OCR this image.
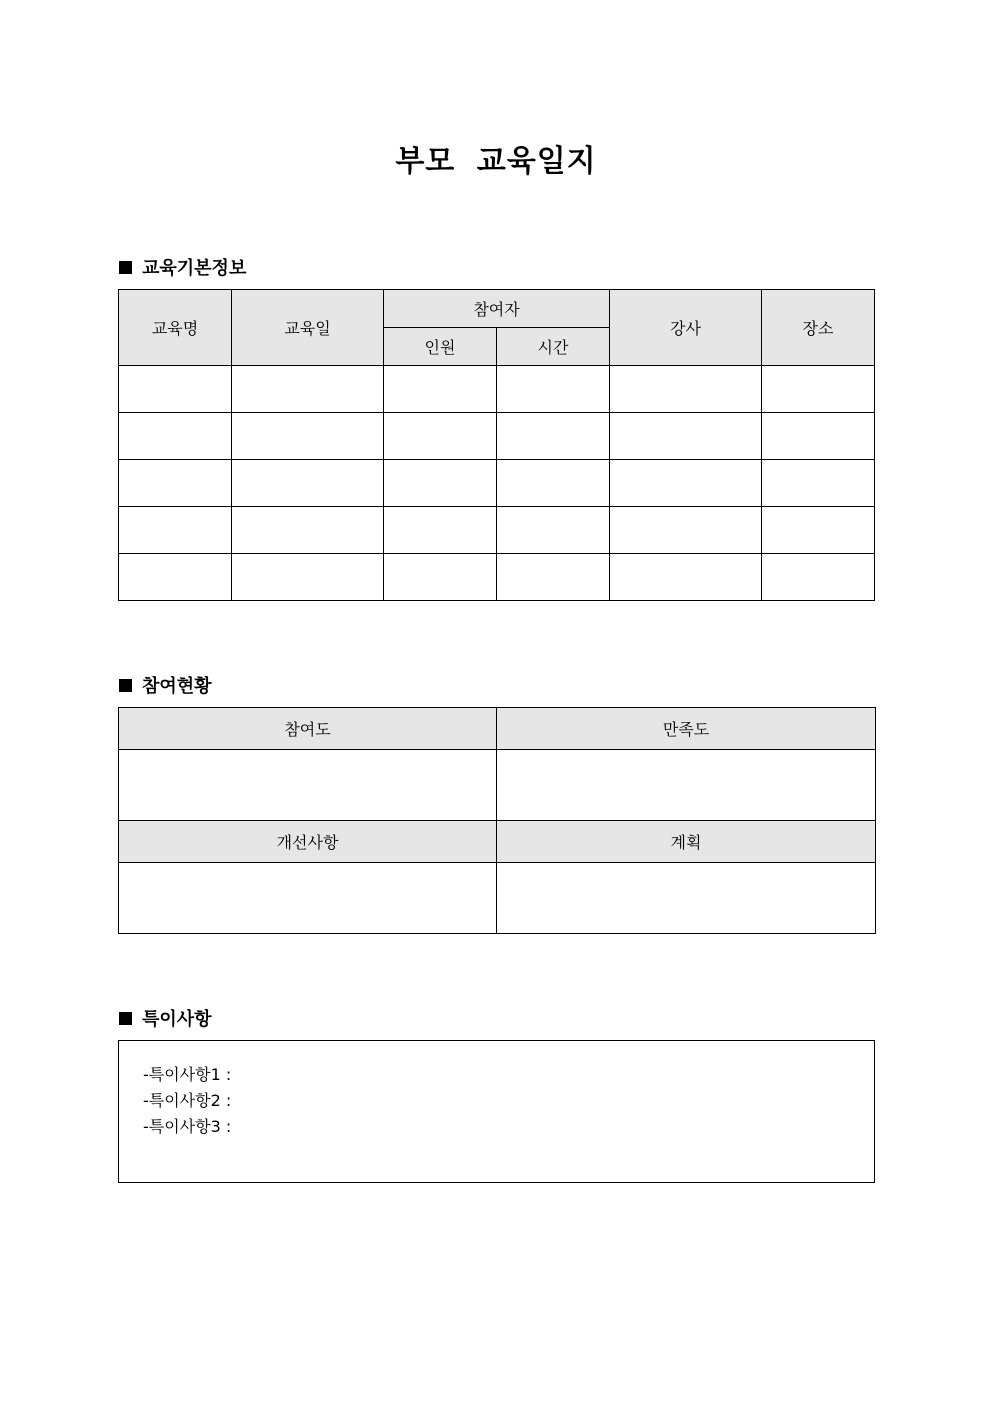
부모 교육일지
교육기본정보
교육명	교육일	참여자		강사	장소
		인원	시간		

참여현황
참여도	만족도

개선사항	계획

특이사항
-특이사항1 :
-특이사항2 :
-특이사항3 :
